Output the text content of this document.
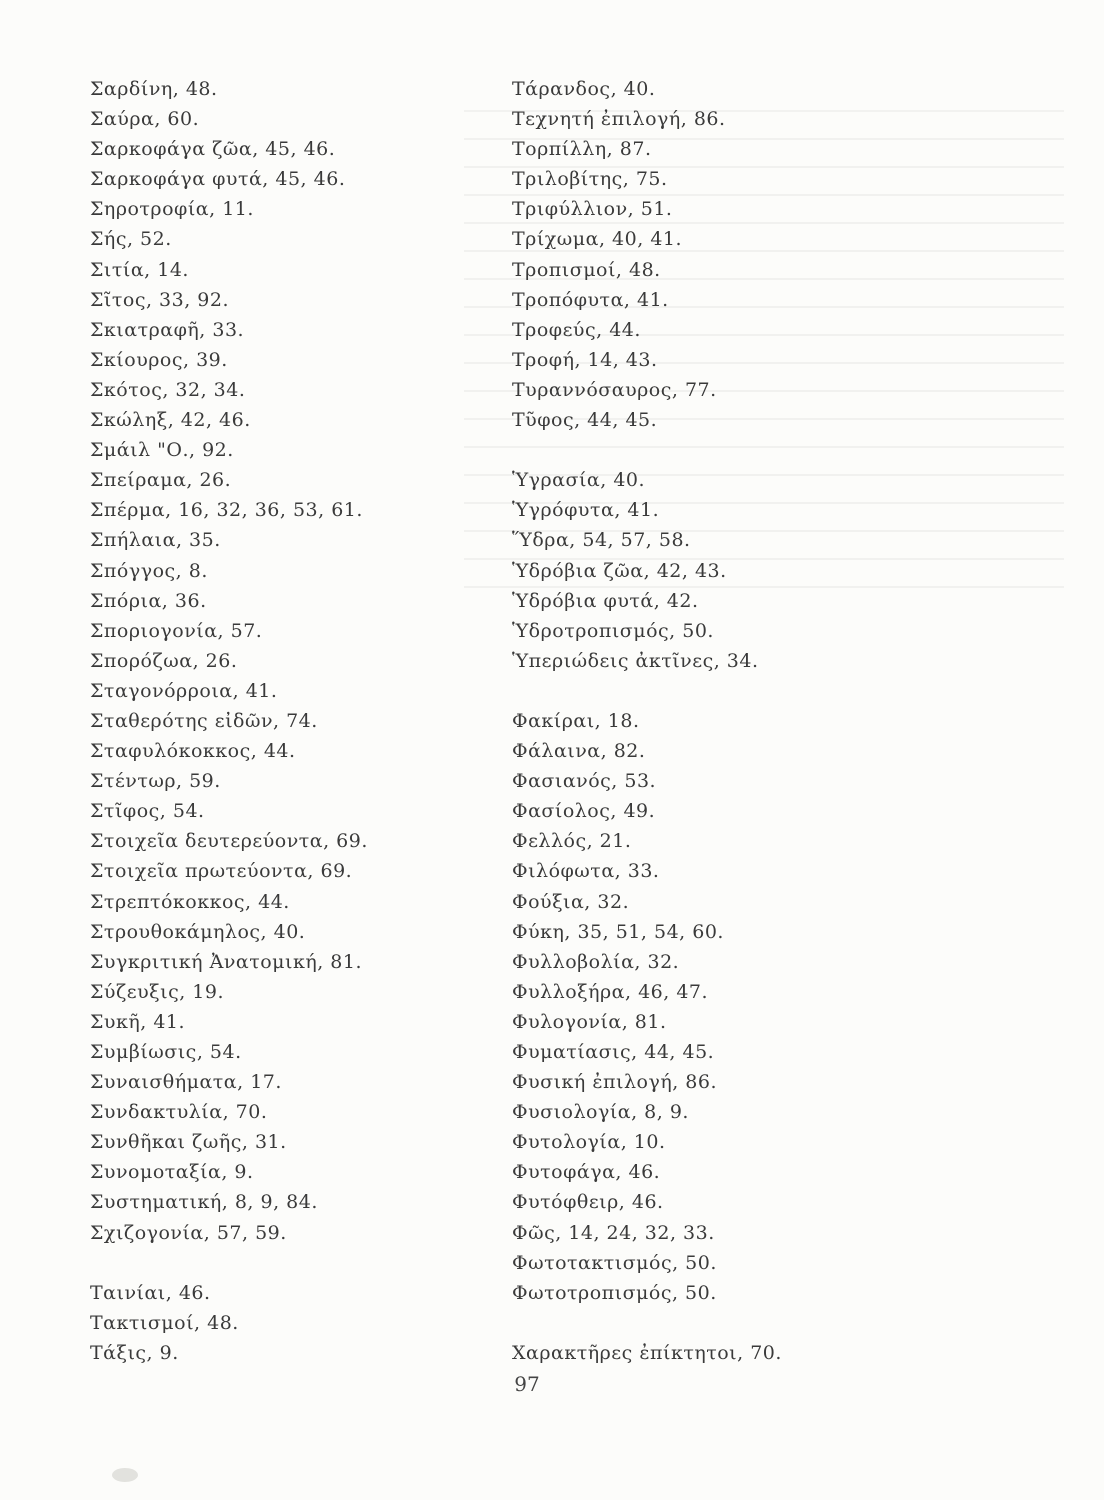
Σαρδίνη, 48.
Σαύρα, 60.
Σαρκοφάγα ζῶα, 45, 46.
Σαρκοφάγα φυτά, 45, 46.
Σηροτροφία, 11.
Σής, 52.
Σιτία, 14.
Σῖτος, 33, 92.
Σκιατραφῆ, 33.
Σκίουρος, 39.
Σκότος, 32, 34.
Σκώληξ, 42, 46.
Σμάιλ "Ο., 92.
Σπείραμα, 26.
Σπέρμα, 16, 32, 36, 53, 61.
Σπήλαια, 35.
Σπόγγος, 8.
Σπόρια, 36.
Σποριογονία, 57.
Σπορόζωα, 26.
Σταγονόρροια, 41.
Σταθερότης εἰδῶν, 74.
Σταφυλόκοκκος, 44.
Στέντωρ, 59.
Στῖφος, 54.
Στοιχεῖα δευτερεύοντα, 69.
Στοιχεῖα πρωτεύοντα, 69.
Στρεπτόκοκκος, 44.
Στρουθοκάμηλος, 40.
Συγκριτική Ἀνατομική, 81.
Σύζευξις, 19.
Συκῆ, 41.
Συμβίωσις, 54.
Συναισθήματα, 17.
Συνδακτυλία, 70.
Συνθῆκαι ζωῆς, 31.
Συνομοταξία, 9.
Συστηματική, 8, 9, 84.
Σχιζογονία, 57, 59.
Ταινίαι, 46.
Τακτισμοί, 48.
Τάξις, 9.
Τάρανδος, 40.
Τεχνητή ἐπιλογή, 86.
Τορπίλλη, 87.
Τριλοβίτης, 75.
Τριφύλλιον, 51.
Τρίχωμα, 40, 41.
Τροπισμοί, 48.
Τροπόφυτα, 41.
Τροφεύς, 44.
Τροφή, 14, 43.
Τυραννόσαυρος, 77.
Τῦφος, 44, 45.
Ὑγρασία, 40.
Ὑγρόφυτα, 41.
Ὕδρα, 54, 57, 58.
Ὑδρόβια ζῶα, 42, 43.
Ὑδρόβια φυτά, 42.
Ὑδροτροπισμός, 50.
Ὑπεριώδεις ἀκτῖνες, 34.
Φακίραι, 18.
Φάλαινα, 82.
Φασιανός, 53.
Φασίολος, 49.
Φελλός, 21.
Φιλόφωτα, 33.
Φούξια, 32.
Φύκη, 35, 51, 54, 60.
Φυλλοβολία, 32.
Φυλλοξήρα, 46, 47.
Φυλογονία, 81.
Φυματίασις, 44, 45.
Φυσική ἐπιλογή, 86.
Φυσιολογία, 8, 9.
Φυτολογία, 10.
Φυτοφάγα, 46.
Φυτόφθειρ, 46.
Φῶς, 14, 24, 32, 33.
Φωτοτακτισμός, 50.
Φωτοτροπισμός, 50.
Χαρακτῆρες ἐπίκτητοι, 70.
97
